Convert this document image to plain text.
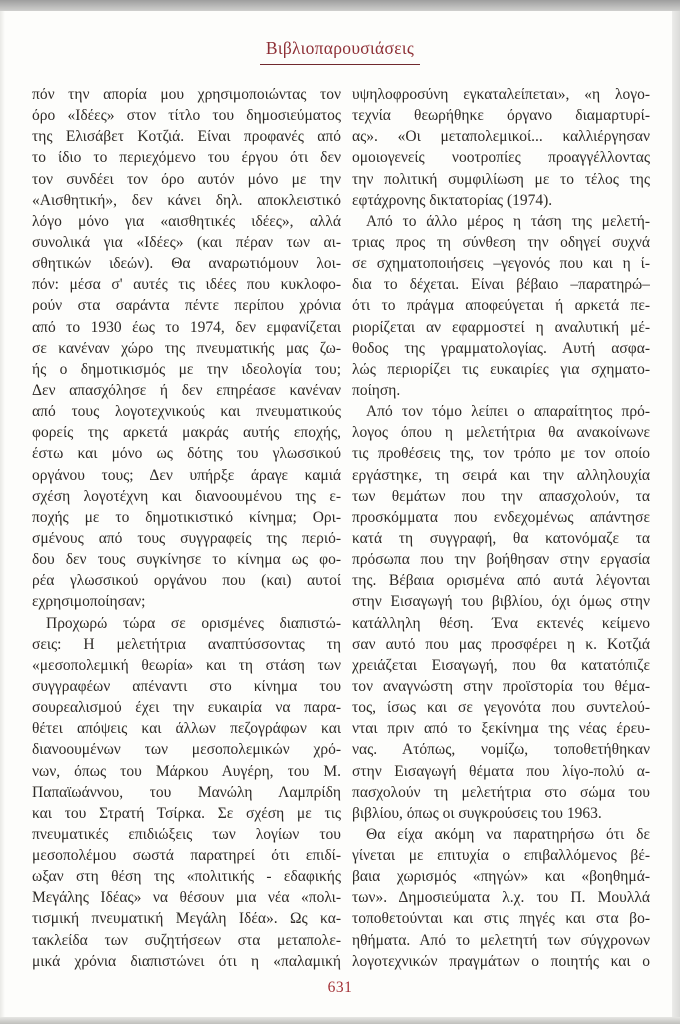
Βιβλιοπαρουσιάσεις
πόν την απορία μου χρησιμοποιώντας τον
όρο «Ιδέες» στον τίτλο του δημοσιεύματος
της Ελισάβετ Κοτζιά. Είναι προφανές από
το ίδιο το περιεχόμενο του έργου ότι δεν
τον συνδέει τον όρο αυτόν μόνο με την
«Αισθητική», δεν κάνει δηλ. αποκλειστικό
λόγο μόνο για «αισθητικές ιδέες», αλλά
συνολικά για «Ιδέες» (και πέραν των αι-
σθητικών ιδεών). Θα αναρωτιόμουν λοι-
πόν: μέσα σ' αυτές τις ιδέες που κυκλοφο-
ρούν στα σαράντα πέντε περίπου χρόνια
από το 1930 έως το 1974, δεν εμφανίζεται
σε κανέναν χώρο της πνευματικής μας ζω-
ής ο δημοτικισμός με την ιδεολογία του;
Δεν απασχόλησε ή δεν επηρέασε κανέναν
από τους λογοτεχνικούς και πνευματικούς
φορείς της αρκετά μακράς αυτής εποχής,
έστω και μόνο ως δότης του γλωσσικού
οργάνου τους; Δεν υπήρξε άραγε καμιά
σχέση λογοτέχνη και διανοουμένου της ε-
ποχής με το δημοτικιστικό κίνημα; Ορι-
σμένους από τους συγγραφείς της περιό-
δου δεν τους συγκίνησε το κίνημα ως φο-
ρέα γλωσσικού οργάνου που (και) αυτοί
εχρησιμοποίησαν;
Προχωρώ τώρα σε ορισμένες διαπιστώ-
σεις: Η μελετήτρια αναπτύσσοντας τη
«μεσοπολεμική θεωρία» και τη στάση των
συγγραφέων απέναντι στο κίνημα του
σουρεαλισμού έχει την ευκαιρία να παρα-
θέτει απόψεις και άλλων πεζογράφων και
διανοουμένων των μεσοπολεμικών χρό-
νων, όπως του Μάρκου Αυγέρη, του Μ.
Παπαϊωάννου, του Μανώλη Λαμπρίδη
και του Στρατή Τσίρκα. Σε σχέση με τις
πνευματικές επιδιώξεις των λογίων του
μεσοπολέμου σωστά παρατηρεί ότι επιδί-
ωξαν στη θέση της «πολιτικής - εδαφικής
Μεγάλης Ιδέας» να θέσουν μια νέα «πολι-
τισμική πνευματική Μεγάλη Ιδέα». Ως κα-
τακλείδα των συζητήσεων στα μεταπολε-
μικά χρόνια διαπιστώνει ότι η «παλαμική
υψηλοφροσύνη εγκαταλείπεται», «η λογο-
τεχνία θεωρήθηκε όργανο διαμαρτυρί-
ας». «Οι μεταπολεμικοί... καλλιέργησαν
ομοιογενείς νοοτροπίες προαγγέλλοντας
την πολιτική συμφιλίωση με το τέλος της
εφτάχρονης δικτατορίας (1974).
Από το άλλο μέρος η τάση της μελετή-
τριας προς τη σύνθεση την οδηγεί συχνά
σε σχηματοποιήσεις –γεγονός που και η ί-
δια το δέχεται. Είναι βέβαιο –παρατηρώ–
ότι το πράγμα αποφεύγεται ή αρκετά πε-
ριορίζεται αν εφαρμοστεί η αναλυτική μέ-
θοδος της γραμματολογίας. Αυτή ασφα-
λώς περιορίζει τις ευκαιρίες για σχηματο-
ποίηση.
Από τον τόμο λείπει ο απαραίτητος πρό-
λογος όπου η μελετήτρια θα ανακοίνωνε
τις προθέσεις της, τον τρόπο με τον οποίο
εργάστηκε, τη σειρά και την αλληλουχία
των θεμάτων που την απασχολούν, τα
προσκόμματα που ενδεχομένως απάντησε
κατά τη συγγραφή, θα κατονόμαζε τα
πρόσωπα που την βοήθησαν στην εργασία
της. Βέβαια ορισμένα από αυτά λέγονται
στην Εισαγωγή του βιβλίου, όχι όμως στην
κατάλληλη θέση. Ένα εκτενές κείμενο
σαν αυτό που μας προσφέρει η κ. Κοτζιά
χρειάζεται Εισαγωγή, που θα κατατόπιζε
τον αναγνώστη στην προϊστορία του θέμα-
τος, ίσως και σε γεγονότα που συντελού-
νται πριν από το ξεκίνημα της νέας έρευ-
νας. Ατόπως, νομίζω, τοποθετήθηκαν
στην Εισαγωγή θέματα που λίγο-πολύ α-
πασχολούν τη μελετήτρια στο σώμα του
βιβλίου, όπως οι συγκρούσεις του 1963.
Θα είχα ακόμη να παρατηρήσω ότι δε
γίνεται με επιτυχία ο επιβαλλόμενος βέ-
βαια χωρισμός «πηγών» και «βοηθημά-
των». Δημοσιεύματα λ.χ. του Π. Μουλλά
τοποθετούνται και στις πηγές και στα βο-
ηθήματα. Από το μελετητή των σύγχρονων
λογοτεχνικών πραγμάτων ο ποιητής και ο
631
